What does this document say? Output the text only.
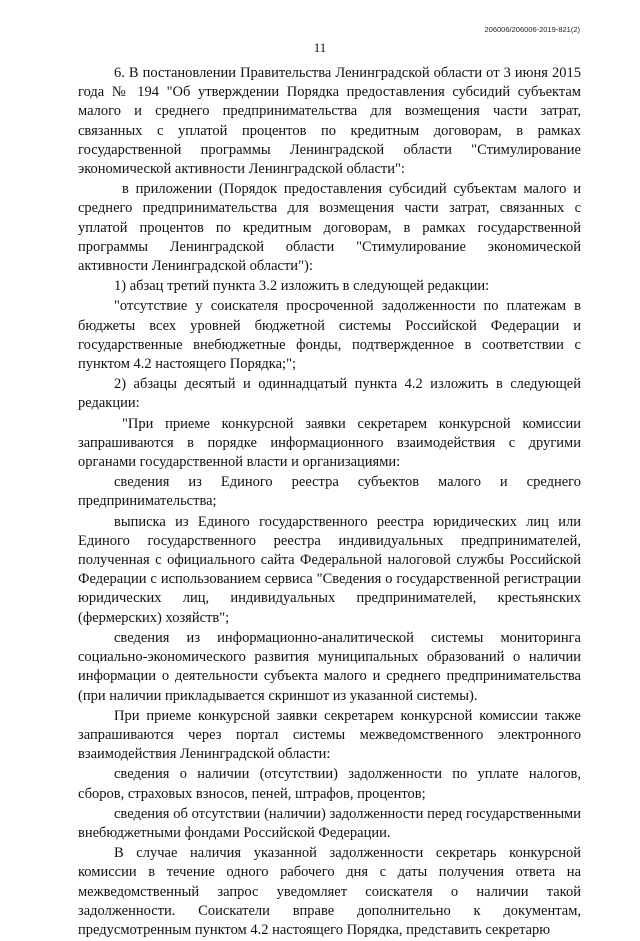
206006/206006-2019-821(2)
11

6. В постановлении Правительства Ленинградской области от 3 июня 2015 года № 194 "Об утверждении Порядка предоставления субсидий субъектам малого и среднего предпринимательства для возмещения части затрат, связанных с уплатой процентов по кредитным договорам, в рамках государственной программы Ленинградской области "Стимулирование экономической активности Ленинградской области":

в приложении (Порядок предоставления субсидий субъектам малого и среднего предпринимательства для возмещения части затрат, связанных с уплатой процентов по кредитным договорам, в рамках государственной программы Ленинградской области "Стимулирование экономической активности Ленинградской области"):

1) абзац третий пункта 3.2 изложить в следующей редакции:

"отсутствие у соискателя просроченной задолженности по платежам в бюджеты всех уровней бюджетной системы Российской Федерации и государственные внебюджетные фонды, подтвержденное в соответствии с пунктом 4.2 настоящего Порядка;";

2) абзацы десятый и одиннадцатый пункта 4.2 изложить в следующей редакции:

"При приеме конкурсной заявки секретарем конкурсной комиссии запрашиваются в порядке информационного взаимодействия с другими органами государственной власти и организациями:

сведения из Единого реестра субъектов малого и среднего предпринимательства;

выписка из Единого государственного реестра юридических лиц или Единого государственного реестра индивидуальных предпринимателей, полученная с официального сайта Федеральной налоговой службы Российской Федерации с использованием сервиса "Сведения о государственной регистрации юридических лиц, индивидуальных предпринимателей, крестьянских (фермерских) хозяйств";

сведения из информационно-аналитической системы мониторинга социально-экономического развития муниципальных образований о наличии информации о деятельности субъекта малого и среднего предпринимательства (при наличии прикладывается скриншот из указанной системы).

При приеме конкурсной заявки секретарем конкурсной комиссии также запрашиваются через портал системы межведомственного электронного взаимодействия Ленинградской области:

сведения о наличии (отсутствии) задолженности по уплате налогов, сборов, страховых взносов, пеней, штрафов, процентов;

сведения об отсутствии (наличии) задолженности перед государственными внебюджетными фондами Российской Федерации.

В случае наличия указанной задолженности секретарь конкурсной комиссии в течение одного рабочего дня с даты получения ответа на межведомственный запрос уведомляет соискателя о наличии такой задолженности. Соискатели вправе дополнительно к документам, предусмотренным пунктом 4.2 настоящего Порядка, представить секретарю
